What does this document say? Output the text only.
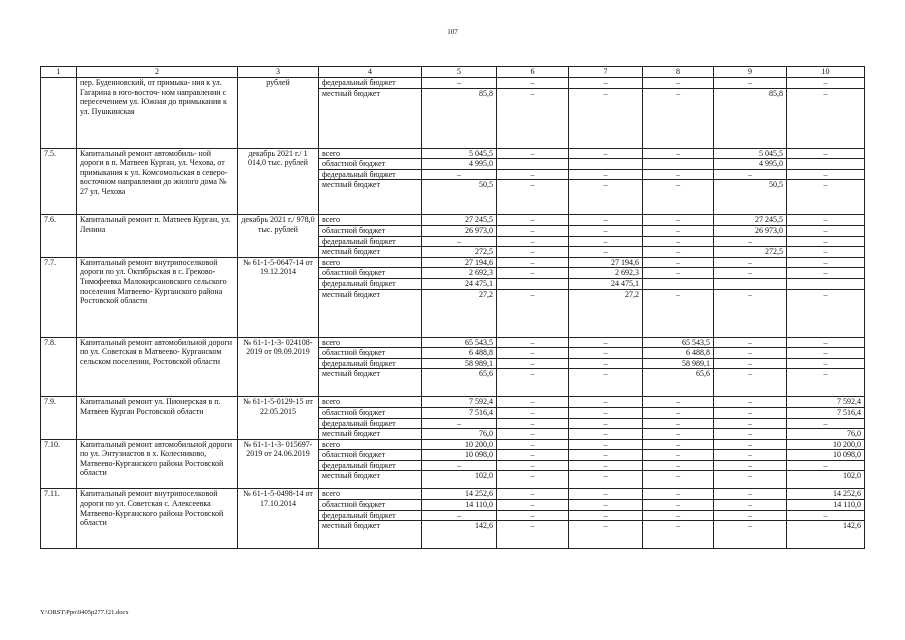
107
1	2	3	4	5	6	7	8	9	10
	пер. Буденновский, от примыка- ния к ул. Гагарина в юго-восточ- ном направлении с пересечением ул. Южная до примыкания к ул. Пушкинская	рублей	федеральный бюджет	–	–	–	–	–	–
			местный бюджет	85,8	–	–	–	85,8	–
7.5.	Капитальный ремонт автомобиль- ной дороги в п. Матвеев Курган, ул. Чехова, от примыкания к ул. Комсомольская в северо- восточном направлении до жилого дома № 27 ул. Чехова	декабрь 2021 г./ 1 014,0 тыс. рублей	всего	5 045,5	–	–	–	5 045,5	–
			областной бюджет	4 995,0				4 995,0	
			федеральный бюджет	–	–	–	–	–	–
			местный бюджет	50,5	–	–	–	50,5	–
7.6.	Капитальный ремонт п. Матвеев Курган, ул. Ленина	декабрь 2021 г./ 978,0 тыс. рублей	всего	27 245,5	–	–	–	27 245,5	–
			областной бюджет	26 973,0	–	–	–	26 973,0	–
			федеральный бюджет	–	–	–	–	–	–
			местный бюджет	272,5	–	–	–	272,5	–
7.7.	Капитальный ремонт внутрипоселковой дороги по ул. Октябрьская в с. Греково- Тимофеевка Малокирсановского сельского поселения Матвеево- Курганского района Ростовской области	№ 61-1-5-0647-14 от 19.12.2014	всего	27 194,6	–	27 194,6	–	–	–
			областной бюджет	2 692,3	–	2 692,3	–	–	–
			федеральный бюджет	24 475,1		24 475,1			
			местный бюджет	27,2	–	27,2	–	–	–
7.8.	Капитальный ремонт автомобильной дороги по ул. Советская в Матвеево- Курганском сельском поселении, Ростовской области	№ 61-1-1-3- 024108-2019 от 09.09.2019	всего	65 543,5	–	–	65 543,5	–	–
			областной бюджет	6 488,8	–	–	6 488,8	–	–
			федеральный бюджет	58 989,1	–	–	58 989,1	–	–
			местный бюджет	65,6	–	–	65,6	–	–
7.9.	Капитальный ремонт ул. Пионерская в п. Матвеев Курган Ростовской области	№ 61-1-5-0129-15 от 22.05.2015	всего	7 592,4	–	–	–	–	7 592,4
			областной бюджет	7 516,4	–	–	–	–	7 516,4
			федеральный бюджет	–	–	–	–	–	–
			местный бюджет	76,0	–	–	–	–	76,0
7.10.	Капитальный ремонт автомобильной дороги по ул. Энтузиастов в х. Колесниково, Матвеево-Курганского района Ростовской области	№ 61-1-1-3- 015697-2019 от 24.06.2019	всего	10 200,0	–	–	–	–	10 200,0
			областной бюджет	10 098,0	–	–	–	–	10 098,0
			федеральный бюджет	–	–	–	–	–	–
			местный бюджет	102,0	–	–	–	–	102,0
7.11.	Капитальный ремонт внутрипоселковой дороги по ул. Советская с. Алексеевка Матвеево-Курганского района Ростовской области	№ 61-1-5-0498-14 от 17.10.2014	всего	14 252,6	–	–	–	–	14 252,6
			областной бюджет	14 110,0	–	–	–	–	14 110,0
			федеральный бюджет	–	–	–	–	–	–
			местный бюджет	142,6	–	–	–	–	142,6
Y:\ORST\Ppo\0405p277.f21.docx
